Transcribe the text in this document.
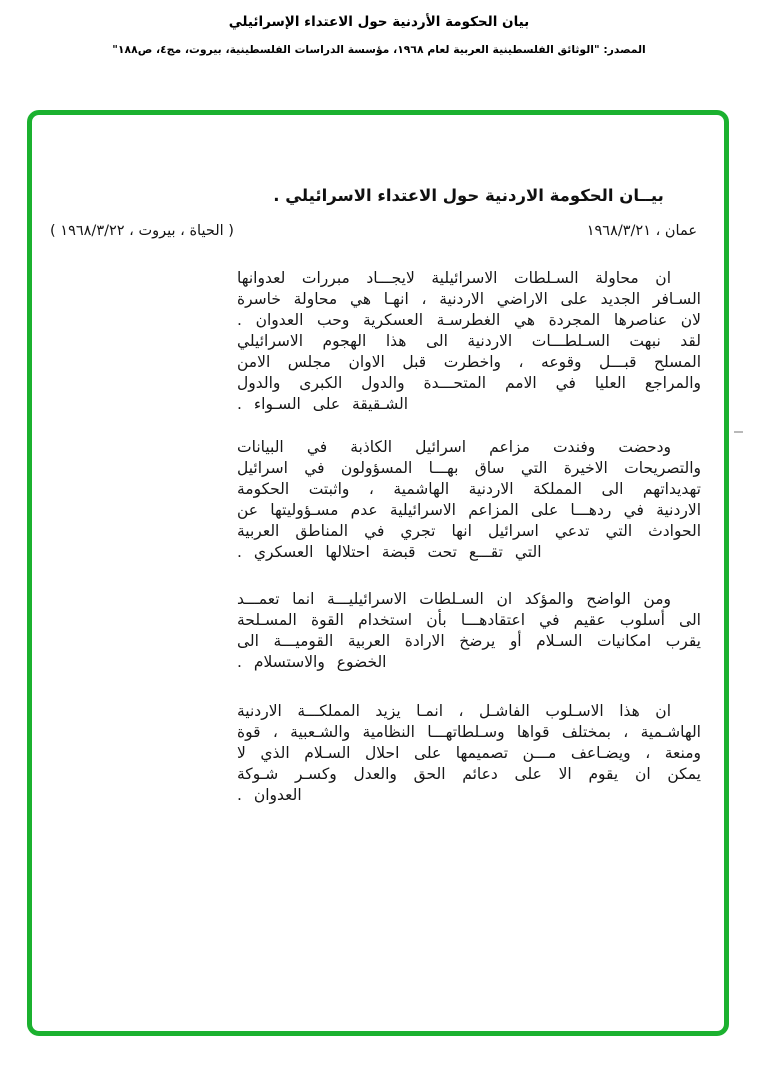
بيان الحكومة الأردنية حول الاعتداء الإسرائيلي
المصدر: "الوثائق الفلسطينية العربية لعام ١٩٦٨، مؤسسة الدراسات الفلسطينية، بيروت، مج٤، ص١٨٨"
بيــان الحكومة الاردنية حول الاعتداء الاسرائيلي .
عمان ، ١٩٦٨/٣/٢١
( الحياة ، بيروت ، ١٩٦٨/٣/٢٢ )
ان محاولة السـلطات الاسرائيلية لايجـــاد مبررات لعدوانها السـافر الجديد على الاراضي الاردنية ، انهـا هي محاولة خاسرة لان عناصرها المجردة هي الغطرسـة العسكرية وحب العدوان . لقد نبهت السـلطـــات الاردنية الى هذا الهجوم الاسرائيلي المسلح قبـــل وقوعه ، واخطرت قبل الاوان مجلس الامن والمراجع العليا في الامم المتحـــدة والدول الكبرى والدول الشـقيقة على السـواء .
ودحضت وفندت مزاعم اسرائيل الكاذبة في البيانات والتصريحات الاخيرة التي ساق بهـــا المسؤولون في اسرائيل تهديداتهم الى المملكة الاردنية الهاشمية ، واثبتت الحكومة الاردنية في ردهـــا على المزاعم الاسرائيلية عدم مسـؤوليتها عن الحوادث التي تدعي اسرائيل انها تجري في المناطق العربية التي تقـــع تحت قبضة احتلالها العسكري .
ومن الواضح والمؤكد ان السـلطات الاسرائيليـــة انما تعمـــد الى أسلوب عقيم في اعتقادهـــا بأن استخدام القوة المسـلحة يقرب امكانيات السـلام أو يرضخ الارادة العربية القوميـــة الى الخضوع والاستسلام .
ان هذا الاسـلوب الفاشـل ، انمـا يزيد المملكـــة الاردنية الهاشـمية ، بمختلف قواها وسـلطاتهـــا النظامية والشـعبية ، قوة ومنعة ، ويضـاعف مـــن تصميمها على احلال السـلام الذي لا يمكن ان يقوم الا على دعائم الحق والعدل وكسـر شـوكة العدوان .
